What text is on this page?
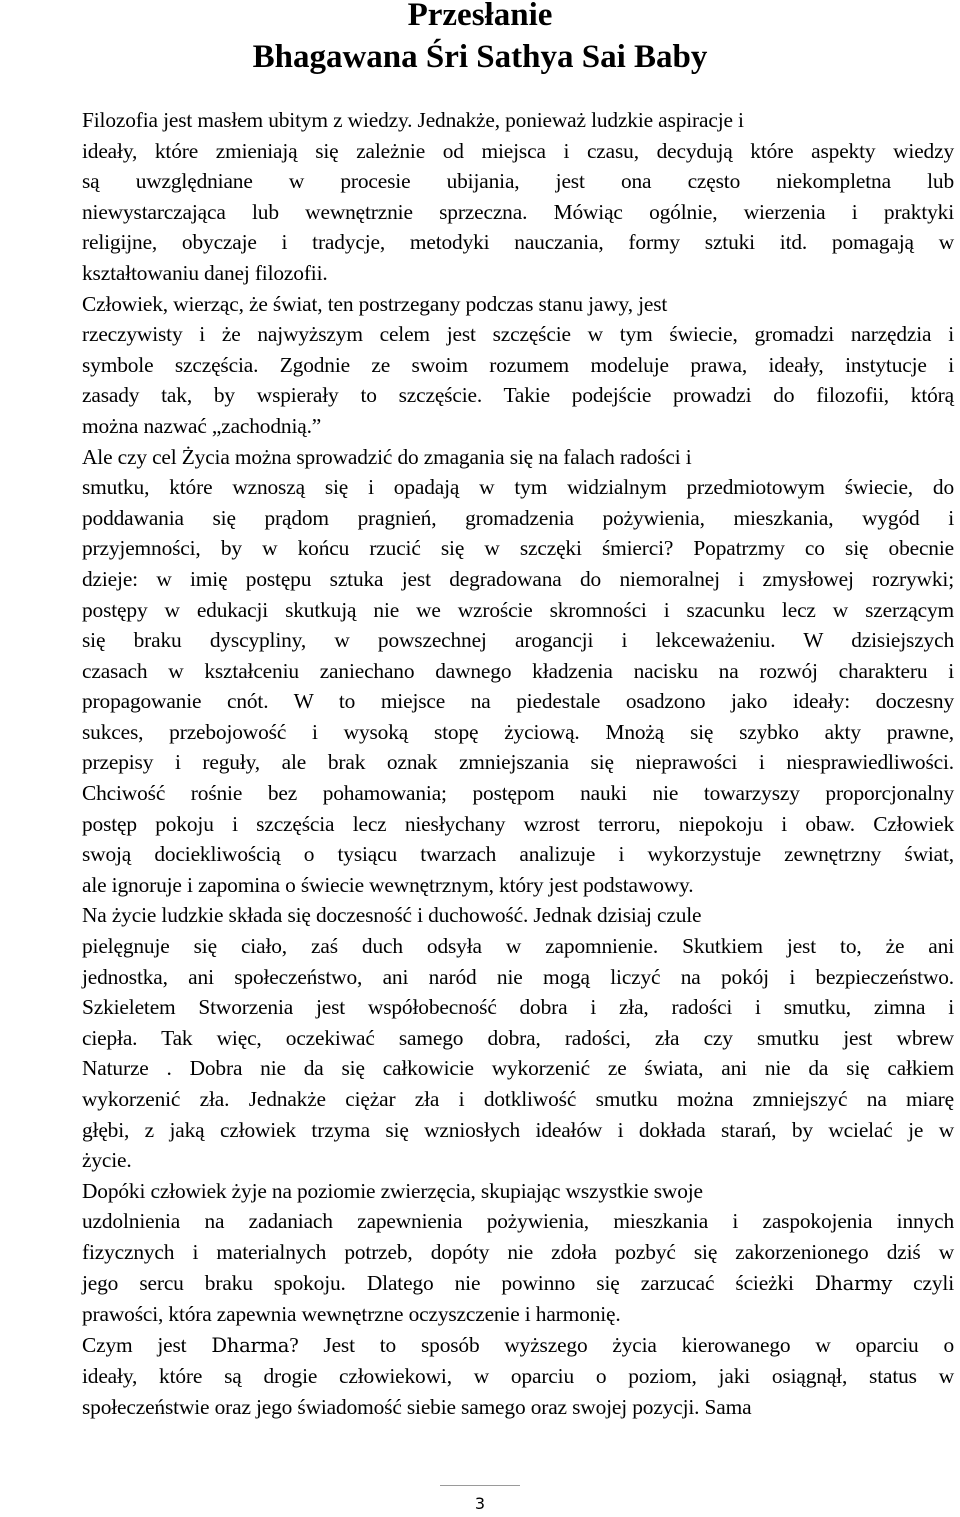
Przesłanie
Bhagawana Śri Sathya Sai Baby

Filozofia jest masłem ubitym z wiedzy. Jednakże, ponieważ ludzkie aspiracje i
ideały, które zmieniają się zależnie od miejsca i czasu, decydują które aspekty wiedzy
są uwzględniane w procesie ubijania, jest ona często niekompletna lub
niewystarczająca lub wewnętrznie sprzeczna. Mówiąc ogólnie, wierzenia i praktyki
religijne, obyczaje i tradycje, metodyki nauczania, formy sztuki itd. pomagają w
kształtowaniu danej filozofii.

Człowiek, wierząc, że świat, ten postrzegany podczas stanu jawy, jest
rzeczywisty i że najwyższym celem jest szczęście w tym świecie, gromadzi narzędzia i
symbole szczęścia. Zgodnie ze swoim rozumem modeluje prawa, ideały, instytucje i
zasady tak, by wspierały to szczęście. Takie podejście prowadzi do filozofii, którą
można nazwać „zachodnią.”

Ale czy cel Życia można sprowadzić do zmagania się na falach radości i
smutku, które wznoszą się i opadają w tym widzialnym przedmiotowym świecie, do
poddawania się prądom pragnień, gromadzenia pożywienia, mieszkania, wygód i
przyjemności, by w końcu rzucić się w szczęki śmierci? Popatrzmy co się obecnie
dzieje: w imię postępu sztuka jest degradowana do niemoralnej i zmysłowej rozrywki;
postępy w edukacji skutkują nie we wzroście skromności i szacunku lecz w szerzącym
się braku dyscypliny, w powszechnej arogancji i lekceważeniu. W dzisiejszych
czasach w kształceniu zaniechano dawnego kładzenia nacisku na rozwój charakteru i
propagowanie cnót. W to miejsce na piedestale osadzono jako ideały: doczesny
sukces, przebojowość i wysoką stopę życiową. Mnożą się szybko akty prawne,
przepisy i reguły, ale brak oznak zmniejszania się nieprawości i niesprawiedliwości.
Chciwość rośnie bez pohamowania; postępom nauki nie towarzyszy proporcjonalny
postęp pokoju i szczęścia lecz niesłychany wzrost terroru, niepokoju i obaw. Człowiek
swoją dociekliwością o tysiącu twarzach analizuje i wykorzystuje zewnętrzny świat,
ale ignoruje i zapomina o świecie wewnętrznym, który jest podstawowy.

Na życie ludzkie składa się doczesność i duchowość. Jednak dzisiaj czule
pielęgnuje się ciało, zaś duch odsyła w zapomnienie. Skutkiem jest to, że ani
jednostka, ani społeczeństwo, ani naród nie mogą liczyć na pokój i bezpieczeństwo.
Szkieletem Stworzenia jest współobecność dobra i zła, radości i smutku, zimna i
ciepła. Tak więc, oczekiwać samego dobra, radości, zła czy smutku jest wbrew
Naturze . Dobra nie da się całkowicie wykorzenić ze świata, ani nie da się całkiem
wykorzenić zła. Jednakże ciężar zła i dotkliwość smutku można zmniejszyć na miarę
głębi, z jaką człowiek trzyma się wzniosłych ideałów i dokłada starań, by wcielać je w
życie.

Dopóki człowiek żyje na poziomie zwierzęcia, skupiając wszystkie swoje
uzdolnienia na zadaniach zapewnienia pożywienia, mieszkania i zaspokojenia innych
fizycznych i materialnych potrzeb, dopóty nie zdoła pozbyć się zakorzenionego dziś w
jego sercu braku spokoju. Dlatego nie powinno się zarzucać ścieżki Dharmy czyli
prawości, która zapewnia wewnętrzne oczyszczenie i harmonię.

Czym jest Dharma? Jest to sposób wyższego życia kierowanego w oparciu o
ideały, które są drogie człowiekowi, w oparciu o poziom, jaki osiągnął, status w
społeczeństwie oraz jego świadomość siebie samego oraz swojej pozycji. Sama

3
